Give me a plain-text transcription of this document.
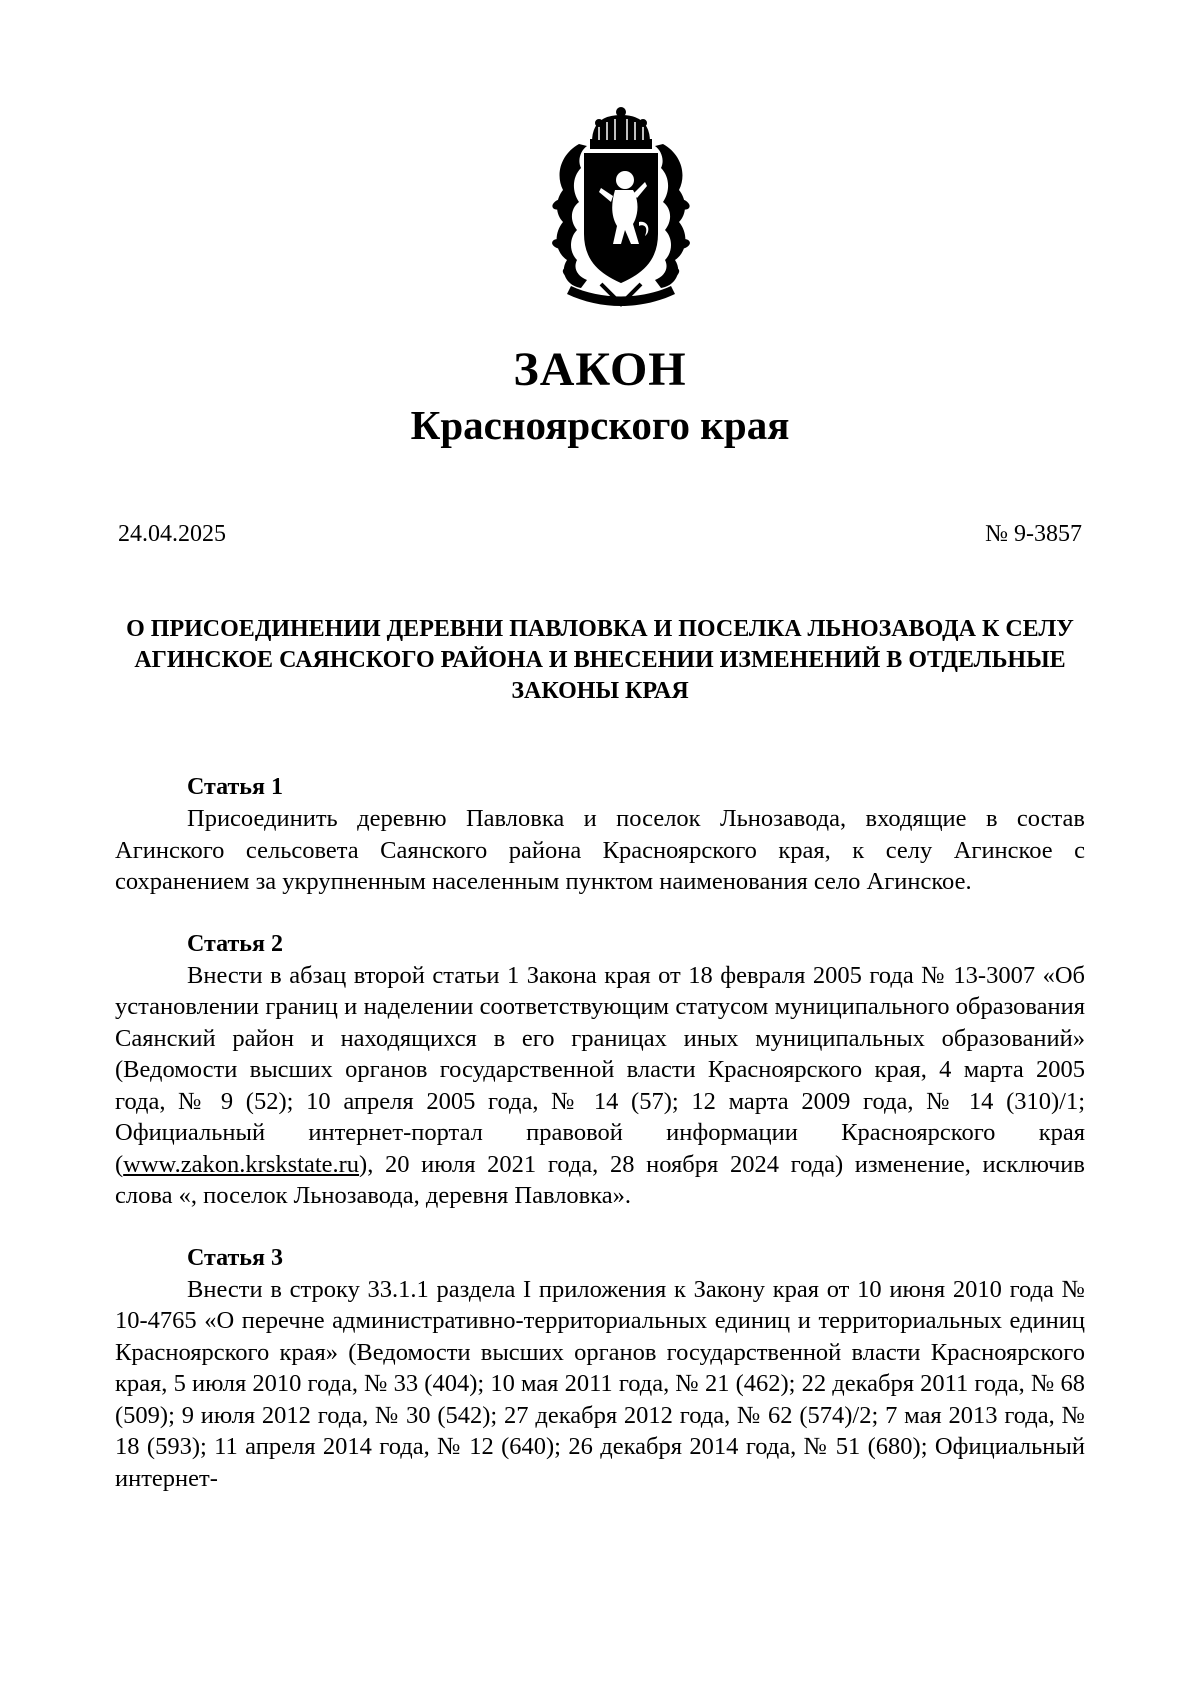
ЗАКОН
Красноярского края
24.04.2025	№ 9-3857
О ПРИСОЕДИНЕНИИ ДЕРЕВНИ ПАВЛОВКА И ПОСЕЛКА ЛЬНОЗАВОДА К СЕЛУ АГИНСКОЕ САЯНСКОГО РАЙОНА И ВНЕСЕНИИ ИЗМЕНЕНИЙ В ОТДЕЛЬНЫЕ ЗАКОНЫ КРАЯ

Статья 1

Присоединить деревню Павловка и поселок Льнозавода, входящие в состав Агинского сельсовета Саянского района Красноярского края, к селу Агинское с сохранением за укрупненным населенным пунктом наименования село Агинское.

Статья 2

Внести в абзац второй статьи 1 Закона края от 18 февраля 2005 года № 13-3007 «Об установлении границ и наделении соответствующим статусом муниципального образования Саянский район и находящихся в его границах иных муниципальных образований» (Ведомости высших органов государственной власти Красноярского края, 4 марта 2005 года, № 9 (52); 10 апреля 2005 года, № 14 (57); 12 марта 2009 года, № 14 (310)/1; Официальный интернет-портал правовой информации Красноярского края (www.zakon.krskstate.ru), 20 июля 2021 года, 28 ноября 2024 года) изменение, исключив слова «, поселок Льнозавода, деревня Павловка».

Статья 3

Внести в строку 33.1.1 раздела I приложения к Закону края от 10 июня 2010 года № 10-4765 «О перечне административно-территориальных единиц и территориальных единиц Красноярского края» (Ведомости высших органов государственной власти Красноярского края, 5 июля 2010 года, № 33 (404); 10 мая 2011 года, № 21 (462); 22 декабря 2011 года, № 68 (509); 9 июля 2012 года, № 30 (542); 27 декабря 2012 года, № 62 (574)/2; 7 мая 2013 года, № 18 (593); 11 апреля 2014 года, № 12 (640); 26 декабря 2014 года, № 51 (680); Официальный интернет-
